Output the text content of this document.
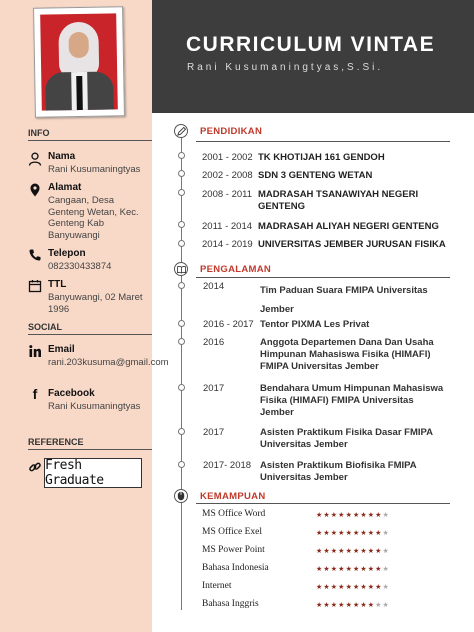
CURRICULUM VINTAE
Rani Kusumaningtyas,S.Si.
INFO
Nama
Rani Kusumaningtyas
Alamat
Cangaan, Desa Genteng Wetan, Kec. Genteng Kab Banyuwangi
Telepon
082330433874
TTL
Banyuwangi, 02 Maret 1996
SOCIAL
Email
rani.203kusuma@gmail.com
f	Facebook
Rani Kusumaningtyas
REFERENCE
Fresh Graduate
PENDIDIKAN
2001 - 2002 TK KHOTIJAH 161 GENDOH
2002 - 2008 SDN 3 GENTENG WETAN
2008 - 2011 MADRASAH TSANAWIYAH NEGERI GENTENG
2011 - 2014 MADRASAH ALIYAH NEGERI GENTENG
2014 - 2019 UNIVERSITAS JEMBER JURUSAN FISIKA
PENGALAMAN
2014	Tim Paduan Suara FMIPA Universitas Jember
2016 - 2017 Tentor PIXMA Les Privat
2016	Anggota Departemen Dana Dan Usaha Himpunan Mahasiswa Fisika (HIMAFI) FMIPA Universitas Jember
2017	Bendahara Umum Himpunan Mahasiswa Fisika (HIMAFI) FMIPA Universitas Jember
2017	Asisten Praktikum Fisika Dasar FMIPA Universitas Jember
2017- 2018 Asisten Praktikum Biofisika FMIPA Universitas Jember
KEMAMPUAN
MS Office Word	★★★★★★★★★★
MS Office Exel	★★★★★★★★★★
MS Power Point	★★★★★★★★★★
Bahasa Indonesia	★★★★★★★★★★
Internet	★★★★★★★★★★
Bahasa Inggris	★★★★★★★★★★
